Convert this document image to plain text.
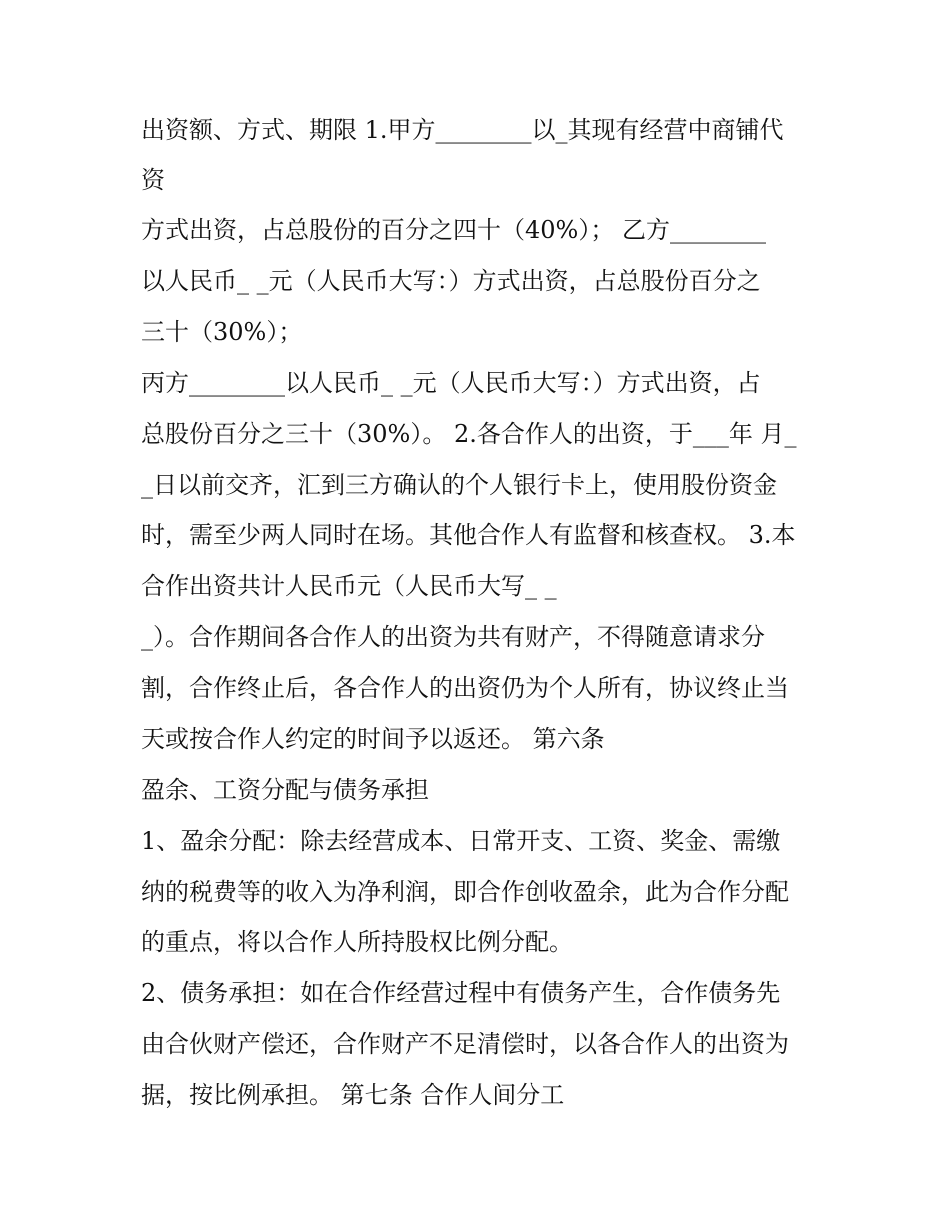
出资额、方式、期限 1.甲方________以_其现有经营中商铺代
资
方式出资，占总股份的百分之四十（40%）； 乙方________
以人民币_ _元（人民币大写：）方式出资，占总股份百分之
三十（30%）；
丙方________以人民币_ _元（人民币大写：）方式出资，占
总股份百分之三十（30%）。 2.各合作人的出资，于___年 月_
_日以前交齐，汇到三方确认的个人银行卡上，使用股份资金
时，需至少两人同时在场。其他合作人有监督和核查权。 3.本
合作出资共计人民币元（人民币大写_ _
_）。合作期间各合作人的出资为共有财产，不得随意请求分
割，合作终止后，各合作人的出资仍为个人所有，协议终止当
天或按合作人约定的时间予以返还。 第六条
盈余、工资分配与债务承担
1、盈余分配：除去经营成本、日常开支、工资、奖金、需缴
纳的税费等的收入为净利润，即合作创收盈余，此为合作分配
的重点，将以合作人所持股权比例分配。
2、债务承担：如在合作经营过程中有债务产生，合作债务先
由合伙财产偿还，合作财产不足清偿时，以各合作人的出资为
据，按比例承担。 第七条 合作人间分工
